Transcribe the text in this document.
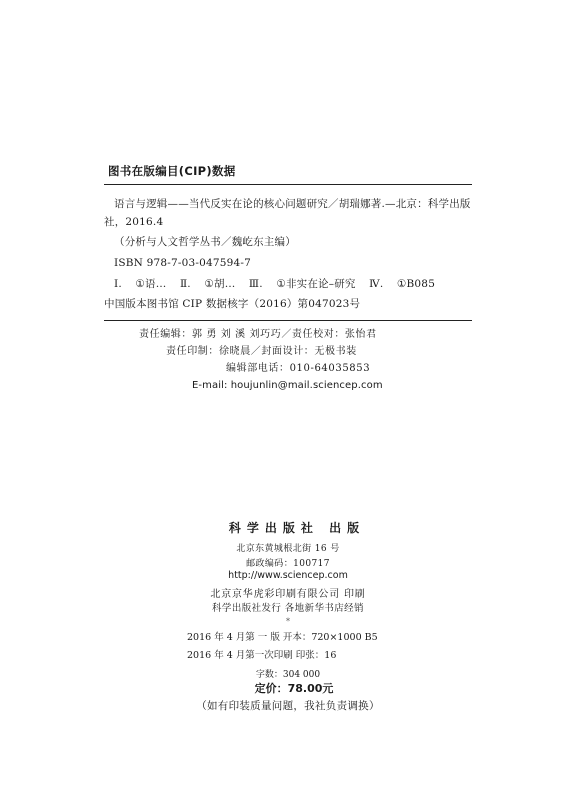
图书在版编目(CIP)数据
语言与逻辑——当代反实在论的核心问题研究／胡瑞娜著.—北京：科学出版
社，2016.4
（分析与人文哲学丛书／魏屹东主编）
ISBN 978-7-03-047594-7
Ⅰ. ①语… Ⅱ. ①胡… Ⅲ. ①非实在论–研究 Ⅳ. ①B085
中国版本图书馆 CIP 数据核字（2016）第047023号
责任编辑：郭 勇 刘 溪 刘巧巧／责任校对：张怡君
责任印制：徐晓晨／封面设计：无极书装
编辑部电话：010-64035853
E-mail: houjunlin@mail.sciencep.com
科学出版社 出版
北京东黄城根北街 16 号
邮政编码：100717
http://www.sciencep.com
北京京华虎彩印刷有限公司 印刷
科学出版社发行 各地新华书店经销
*
2016 年 4 月第 一 版 开本：720×1000 B5
2016 年 4 月第一次印刷 印张：16
字数：304 000
定价：78.00元
（如有印装质量问题，我社负责调换）
